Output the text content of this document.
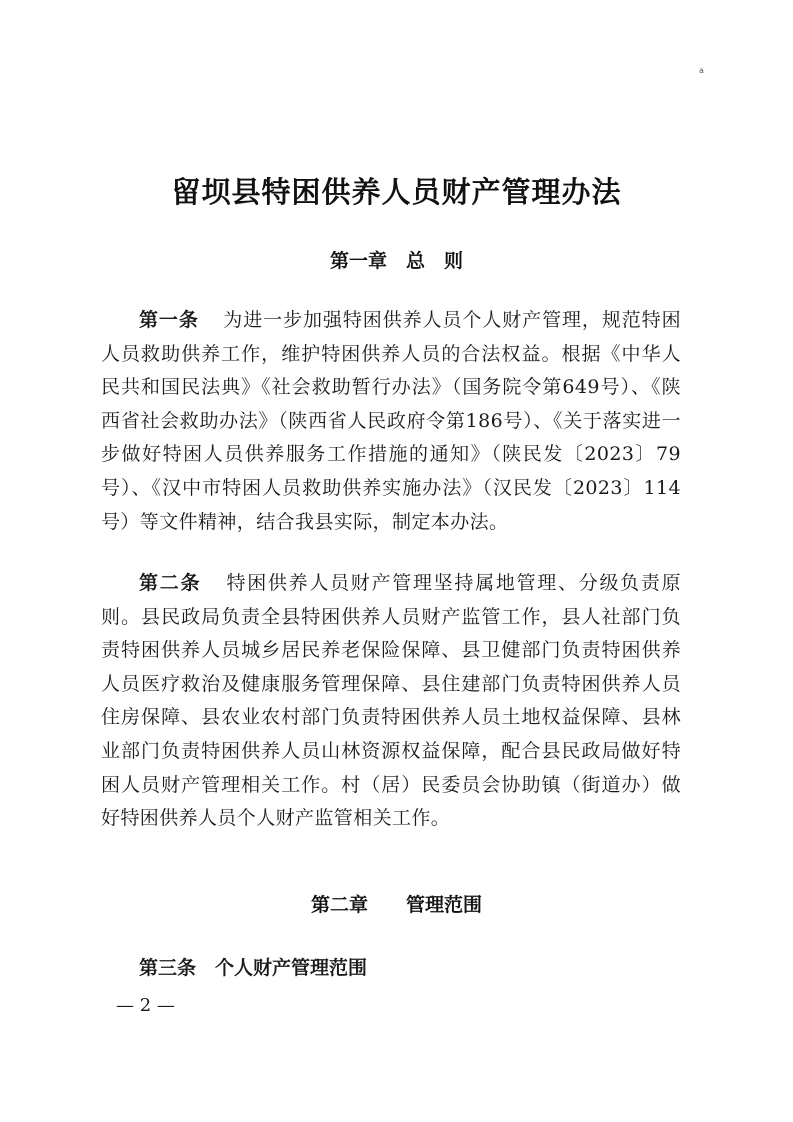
a
留坝县特困供养人员财产管理办法
第一章　总　则

第一条 为进一步加强特困供养人员个人财产管理，规范特困人员救助供养工作，维护特困供养人员的合法权益。根据《中华人民共和国民法典》《社会救助暂行办法》（国务院令第649号）、《陕西省社会救助办法》（陕西省人民政府令第186号）、《关于落实进一步做好特困人员供养服务工作措施的通知》（陕民发〔2023〕79号）、《汉中市特困人员救助供养实施办法》（汉民发〔2023〕114号）等文件精神，结合我县实际，制定本办法。

第二条 特困供养人员财产管理坚持属地管理、分级负责原则。县民政局负责全县特困供养人员财产监管工作，县人社部门负责特困供养人员城乡居民养老保险保障、县卫健部门负责特困供养人员医疗救治及健康服务管理保障、县住建部门负责特困供养人员住房保障、县农业农村部门负责特困供养人员土地权益保障、县林业部门负责特困供养人员山林资源权益保障，配合县民政局做好特困人员财产管理相关工作。村（居）民委员会协助镇（街道办）做好特困供养人员个人财产监管相关工作。

第二章　　管理范围
第三条　个人财产管理范围
— 2 —
